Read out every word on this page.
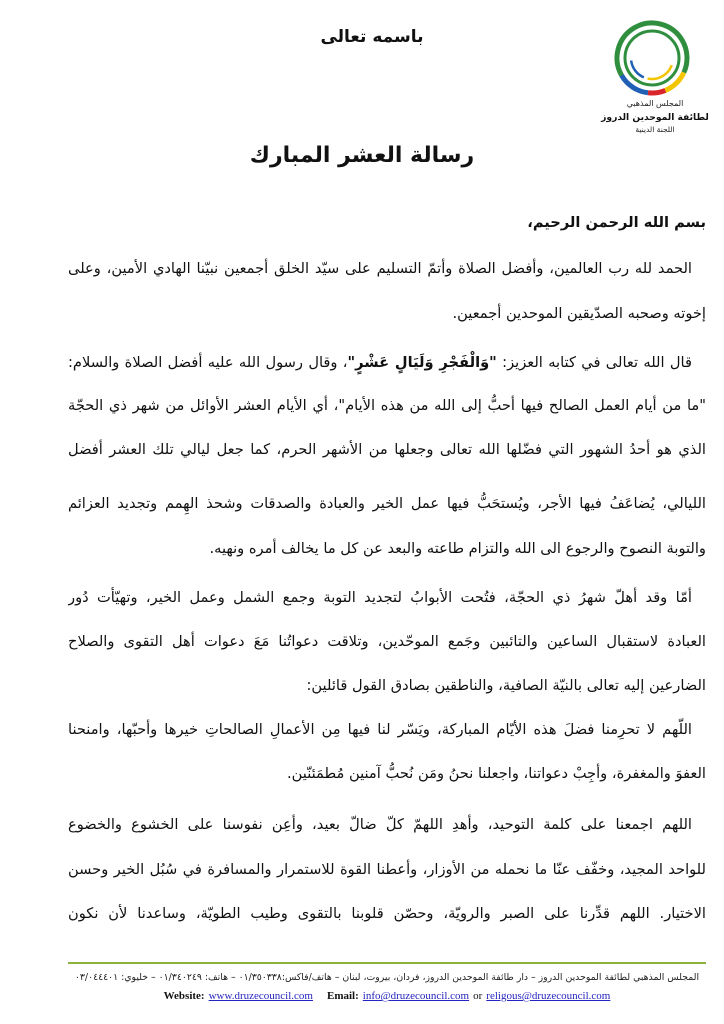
باسمه تعالى
المجلس المذهبي
لطائفة الموحدين الدروز
اللجنة الدينية
رسالة العشر المبارك
بسم الله الرحمن الرحيم،
الحمد لله رب العالمين، وأفضل الصلاة وأتمّ التسليم على سيّد الخلق أجمعين نبيّنا الهادي الأمين، وعلى
إخوته وصحبه الصدّيقين الموحدين أجمعين.
قال الله تعالى في كتابه العزيز: "وَالْفَجْرِ وَلَيَالٍ عَشْرٍ"، وقال رسول الله عليه أفضل الصلاة والسلام:
"ما من أيام العمل الصالح فيها أحبُّ إلى الله من هذه الأيام"، أي الأيام العشر الأوائل من شهر ذي الحجّة
الذي هو أحدُ الشهور التي فضّلها الله تعالى وجعلها من الأشهر الحرم، كما جعل ليالي تلك العشر أفضل
الليالي، يُضاعَفُ فيها الأجر، ويُستحَبُّ فيها عمل الخير والعبادة والصدقات وشحذ الهِمم وتجديد العزائم
والتوبة النصوح والرجوع الى الله والتزام طاعته والبعد عن كل ما يخالف أمره ونهيه.
أمّا وقد أهلّ شهرُ ذي الحجّة، فتُحت الأبوابُ لتجديد التوبة وجمع الشمل وعمل الخير، وتهيّأت دُور
العبادة لاستقبال الساعين والتائبين وجَمع الموحّدين، وتلاقت دعواتُنا مَعَ دعوات أهل التقوى والصلاح
الضارعين إليه تعالى بالنيّة الصافية، والناطقين بصادق القول قائلين:
اللّهم لا تحرِمنا فضلَ هذه الأيّام المباركة، ويَسّر لنا فيها مِن الأعمالِ الصالحاتِ خيرها وأحبّها، وامنحنا
العفوَ والمغفرة، وأجِبْ دعواتنا، واجعلنا نحنُ ومَن نُحبُّ آمنين مُطمَئنّين.
اللهم اجمعنا على كلمة التوحيد، وأهدِ اللهمّ كلّ ضالّ بعيد، وأعِن نفوسنا على الخشوع والخضوع
للواحد المجيد، وخفّف عنّا ما نحمله من الأوزار، وأعطنا القوة للاستمرار والمسافرة في سُبُل الخير وحسن
الاختيار. اللهم قدِّرنا على الصبر والرويّة، وحصّن قلوبنا بالتقوى وطيب الطويّة، وساعدنا لأن نكون
المجلس المذهبي لطائفة الموحدين الدروز – دار طائفة الموحدين الدروز، فردان، بيروت، لبنان – هاتف/فاكس:٠١/٣٥٠٣٣٨ – هاتف: ٠١/٣٤٠٢٤٩ – خليوي: ٠٣/٠٤٤٤٠١
Website: www.druzecouncil.com Email: info@druzecouncil.com or religous@druzecouncil.com
